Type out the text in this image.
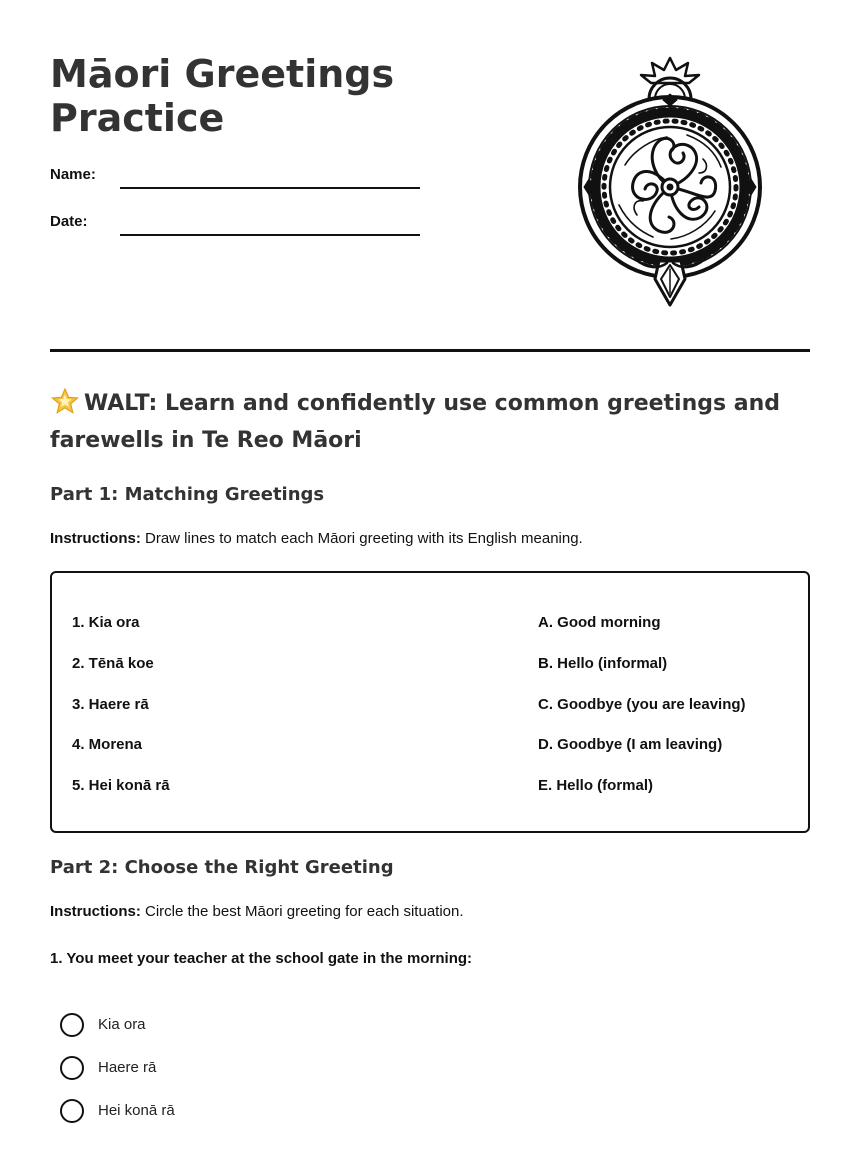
Māori Greetings
Practice
Name:
Date:
WALT: Learn and confidently use common greetings and farewells in Te Reo Māori
Part 1: Matching Greetings
Instructions: Draw lines to match each Māori greeting with its English meaning.
1. Kia ora
2. Tēnā koe
3. Haere rā
4. Morena
5. Hei konā rā
A. Good morning
B. Hello (informal)
C. Goodbye (you are leaving)
D. Goodbye (I am leaving)
E. Hello (formal)
Part 2: Choose the Right Greeting
Instructions: Circle the best Māori greeting for each situation.
1. You meet your teacher at the school gate in the morning:
Kia ora
Haere rā
Hei konā rā
